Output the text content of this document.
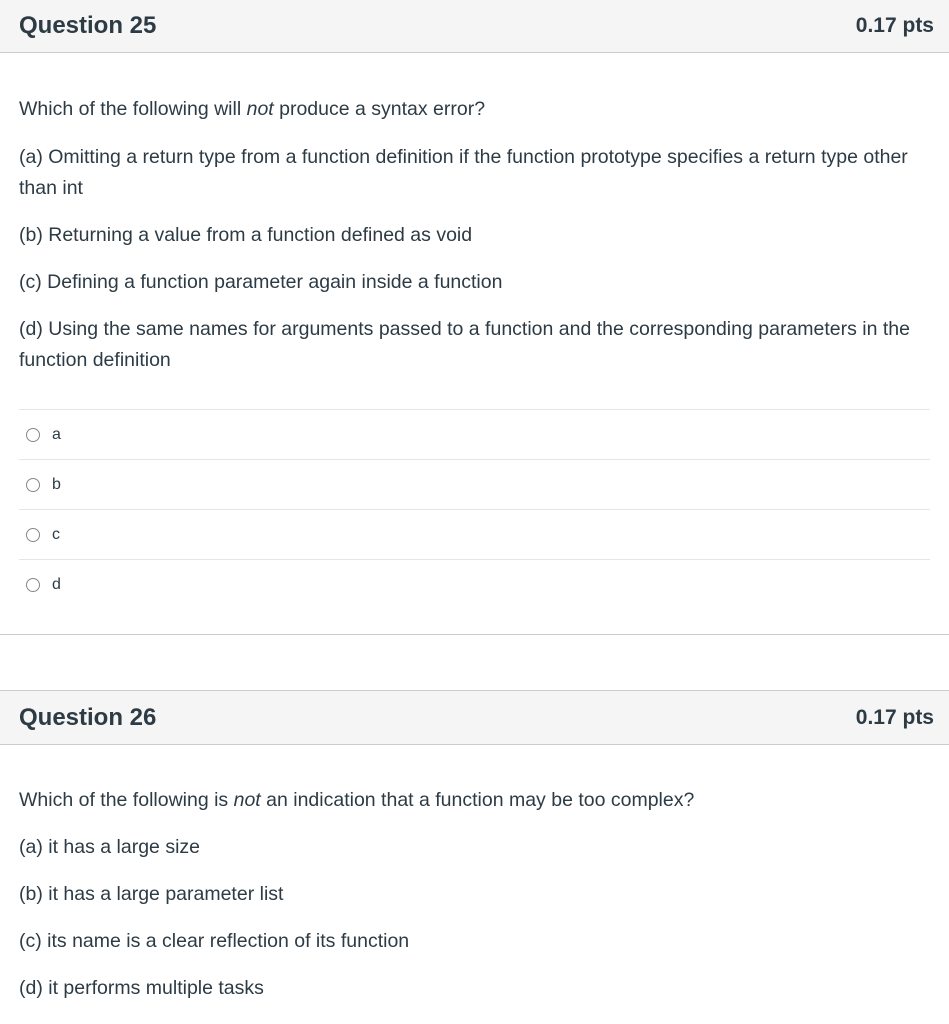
Question 25	0.17 pts

Which of the following will not produce a syntax error?

(a) Omitting a return type from a function definition if the function prototype specifies a return type other than int

(b) Returning a value from a function defined as void

(c) Defining a function parameter again inside a function

(d) Using the same names for arguments passed to a function and the corresponding parameters in the function definition

a
b
c
d
Question 26	0.17 pts

Which of the following is not an indication that a function may be too complex?

(a) it has a large size

(b) it has a large parameter list

(c) its name is a clear reflection of its function

(d) it performs multiple tasks
